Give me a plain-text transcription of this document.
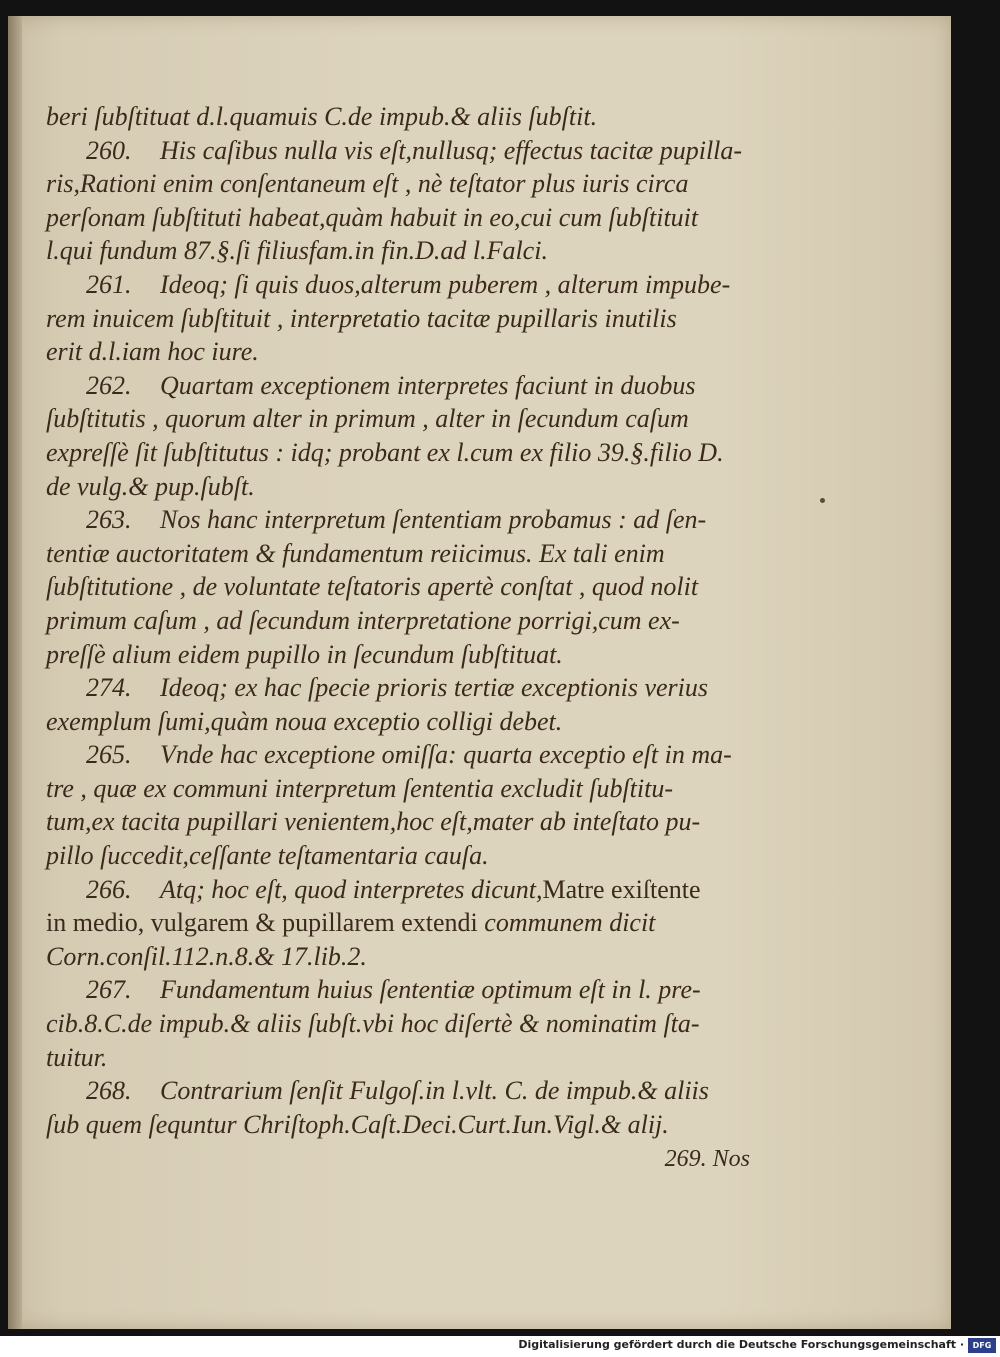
beri ſubſtituat d.l.quamuis C.de impub.& aliis ſubſtit.
260. His caſibus nulla vis eſt,nullusq; effectus tacitæ pupilla-
ris,Rationi enim conſentaneum eſt , nè teſtator plus iuris circa
perſonam ſubſtituti habeat,quàm habuit in eo,cui cum ſubſtituit
l.qui fundum 87.§.ſi filiusfam.in fin.D.ad l.Falci.
261. Ideoq; ſi quis duos,alterum puberem , alterum impube-
rem inuicem ſubſtituit , interpretatio tacitæ pupillaris inutilis
erit d.l.iam hoc iure.
262. Quartam exceptionem interpretes faciunt in duobus
ſubſtitutis , quorum alter in primum , alter in ſecundum caſum
expreſſè ſit ſubſtitutus : idq; probant ex l.cum ex filio 39.§.filio D.
de vulg.& pup.ſubſt.
263. Nos hanc interpretum ſententiam probamus : ad ſen-
tentiæ auctoritatem & fundamentum reiicimus. Ex tali enim
ſubſtitutione , de voluntate teſtatoris apertè conſtat , quod nolit
primum caſum , ad ſecundum interpretatione porrigi,cum ex-
preſſè alium eidem pupillo in ſecundum ſubſtituat.
274. Ideoq; ex hac ſpecie prioris tertiæ exceptionis verius
exemplum ſumi,quàm noua exceptio colligi debet.
265. Vnde hac exceptione omiſſa: quarta exceptio eſt in ma-
tre , quæ ex communi interpretum ſententia excludit ſubſtitu-
tum,ex tacita pupillari venientem,hoc eſt,mater ab inteſtato pu-
pillo ſuccedit,ceſſante teſtamentaria cauſa.
266. Atq; hoc eſt, quod interpretes dicunt,Matre exiſtente
in medio, vulgarem & pupillarem extendi communem dicit
Corn.conſil.112.n.8.& 17.lib.2.
267. Fundamentum huius ſententiæ optimum eſt in l. pre-
cib.8.C.de impub.& aliis ſubſt.vbi hoc diſertè & nominatim ſta-
tuitur.
268. Contrarium ſenſit Fulgoſ.in l.vlt. C. de impub.& aliis
ſub quem ſequntur Chriſtoph.Caſt.Deci.Curt.Iun.Vigl.& alij.
269. Nos
Digitalisierung gefördert durch die Deutsche Forschungsgemeinschaft ·	DFG
